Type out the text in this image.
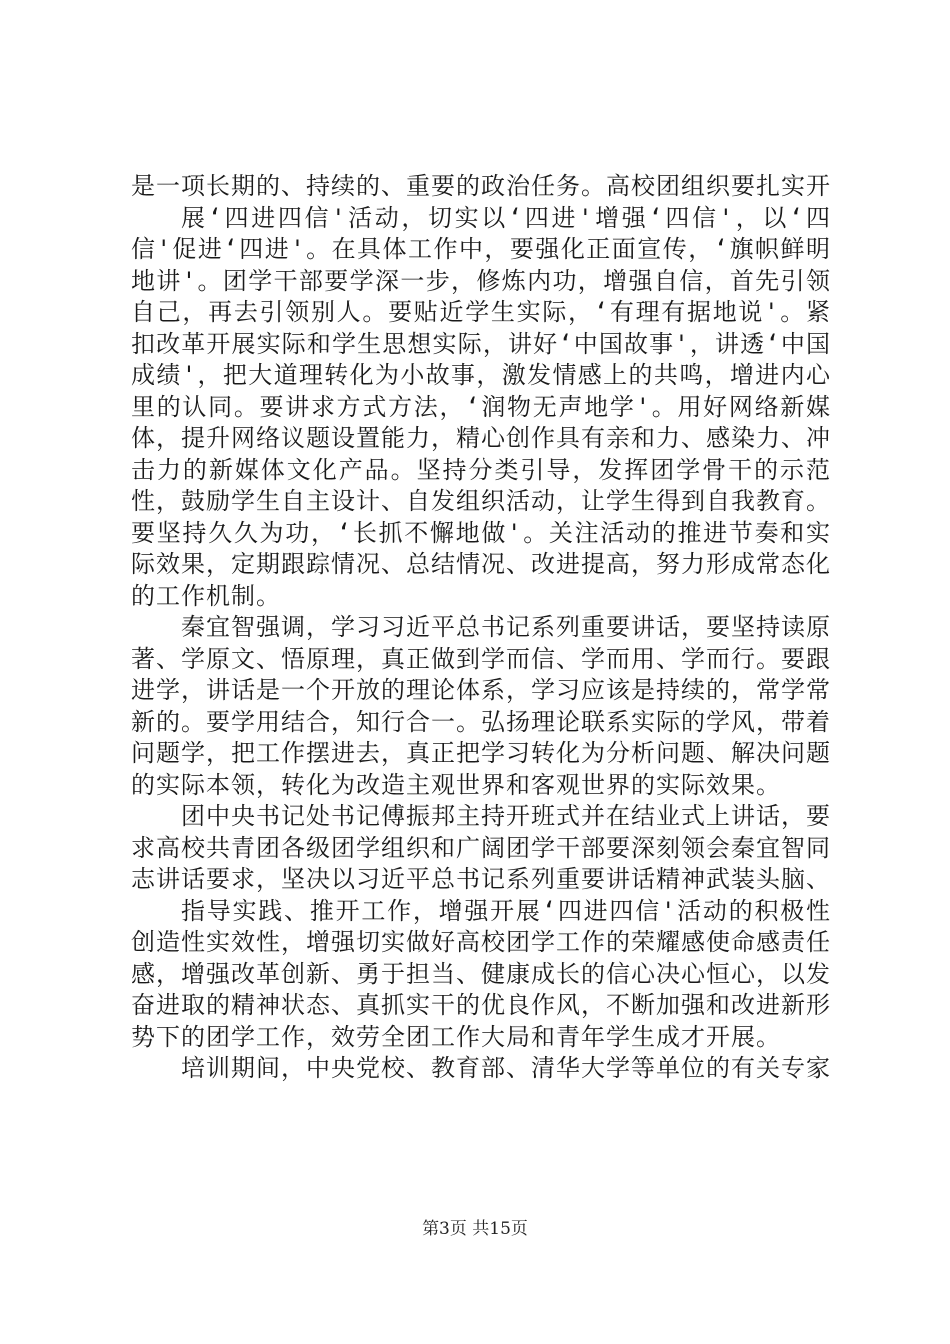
是一项长期的、持续的、重要的政治任务。高校团组织要扎实开

展‘四进四信'活动，切实以‘四进'增强‘四信'，以‘四信'促进‘四进'。在具体工作中，要强化正面宣传，‘旗帜鲜明地讲'。团学干部要学深一步，修炼内功，增强自信，首先引领自己，再去引领别人。要贴近学生实际，‘有理有据地说'。紧扣改革开展实际和学生思想实际，讲好‘中国故事'，讲透‘中国成绩'，把大道理转化为小故事，激发情感上的共鸣，增进内心里的认同。要讲求方式方法，‘润物无声地学'。用好网络新媒体，提升网络议题设置能力，精心创作具有亲和力、感染力、冲击力的新媒体文化产品。坚持分类引导，发挥团学骨干的示范性，鼓励学生自主设计、自发组织活动，让学生得到自我教育。要坚持久久为功，‘长抓不懈地做'。关注活动的推进节奏和实际效果，定期跟踪情况、总结情况、改进提高，努力形成常态化的工作机制。

秦宜智强调，学习习近平总书记系列重要讲话，要坚持读原著、学原文、悟原理，真正做到学而信、学而用、学而行。要跟进学，讲话是一个开放的理论体系，学习应该是持续的，常学常新的。要学用结合，知行合一。弘扬理论联系实际的学风，带着问题学，把工作摆进去，真正把学习转化为分析问题、解决问题的实际本领，转化为改造主观世界和客观世界的实际效果。

团中央书记处书记傅振邦主持开班式并在结业式上讲话，要求高校共青团各级团学组织和广阔团学干部要深刻领会秦宜智同志讲话要求，坚决以习近平总书记系列重要讲话精神武装头脑、

指导实践、推开工作，增强开展‘四进四信'活动的积极性创造性实效性，增强切实做好高校团学工作的荣耀感使命感责任感，增强改革创新、勇于担当、健康成长的信心决心恒心，以发奋进取的精神状态、真抓实干的优良作风，不断加强和改进新形势下的团学工作，效劳全团工作大局和青年学生成才开展。

培训期间，中央党校、教育部、清华大学等单位的有关专家

第3页 共15页
